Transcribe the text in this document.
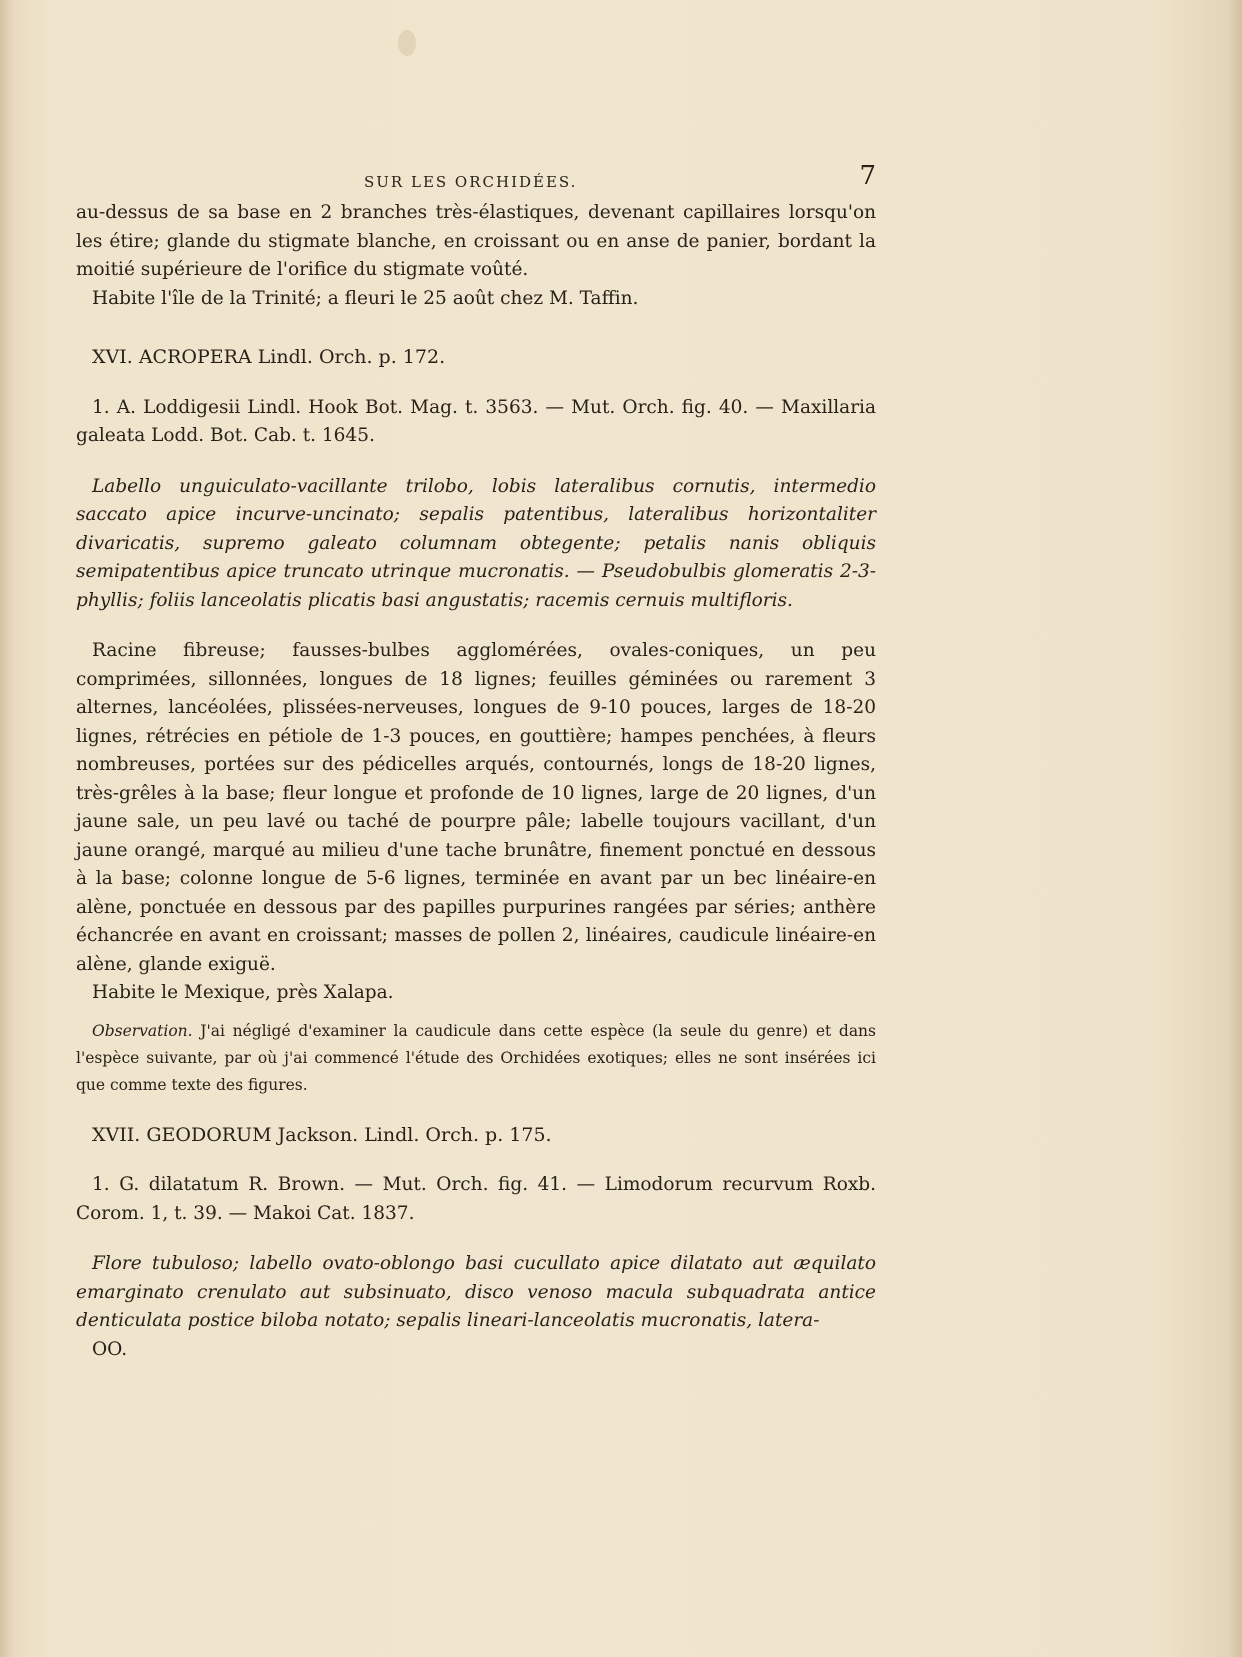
SUR LES ORCHIDÉES.	7

au-dessus de sa base en 2 branches très-élastiques, devenant capillaires lorsqu'on les étire; glande du stigmate blanche, en croissant ou en anse de panier, bordant la moitié supérieure de l'orifice du stigmate voûté.

Habite l'île de la Trinité; a fleuri le 25 août chez M. Taffin.

XVI. ACROPERA Lindl. Orch. p. 172.

1. A. Loddigesii Lindl. Hook Bot. Mag. t. 3563. — Mut. Orch. fig. 40. — Maxillaria galeata Lodd. Bot. Cab. t. 1645.

Labello unguiculato-vacillante trilobo, lobis lateralibus cornutis, intermedio saccato apice incurve-uncinato; sepalis patentibus, lateralibus horizontaliter divaricatis, supremo galeato columnam obtegente; petalis nanis obliquis semipatentibus apice truncato utrinque mucronatis. — Pseudobulbis glomeratis 2-3-phyllis; foliis lanceolatis plicatis basi angustatis; racemis cernuis multifloris.

Racine fibreuse; fausses-bulbes agglomérées, ovales-coniques, un peu comprimées, sillonnées, longues de 18 lignes; feuilles géminées ou rarement 3 alternes, lancéolées, plissées-nerveuses, longues de 9-10 pouces, larges de 18-20 lignes, rétrécies en pétiole de 1-3 pouces, en gouttière; hampes penchées, à fleurs nombreuses, portées sur des pédicelles arqués, contournés, longs de 18-20 lignes, très-grêles à la base; fleur longue et profonde de 10 lignes, large de 20 lignes, d'un jaune sale, un peu lavé ou taché de pourpre pâle; labelle toujours vacillant, d'un jaune orangé, marqué au milieu d'une tache brunâtre, finement ponctué en dessous à la base; colonne longue de 5-6 lignes, terminée en avant par un bec linéaire-en alène, ponctuée en dessous par des papilles purpurines rangées par séries; anthère échancrée en avant en croissant; masses de pollen 2, linéaires, caudicule linéaire-en alène, glande exiguë.

Habite le Mexique, près Xalapa.

Observation. J'ai négligé d'examiner la caudicule dans cette espèce (la seule du genre) et dans l'espèce suivante, par où j'ai commencé l'étude des Orchidées exotiques; elles ne sont insérées ici que comme texte des figures.

XVII. GEODORUM Jackson. Lindl. Orch. p. 175.

1. G. dilatatum R. Brown. — Mut. Orch. fig. 41. — Limodorum recurvum Roxb. Corom. 1, t. 39. — Makoi Cat. 1837.

Flore tubuloso; labello ovato-oblongo basi cucullato apice dilatato aut æquilato emarginato crenulato aut subsinuato, disco venoso macula subquadrata antice denticulata postice biloba notato; sepalis lineari-lanceolatis mucronatis, latera-

OO.
